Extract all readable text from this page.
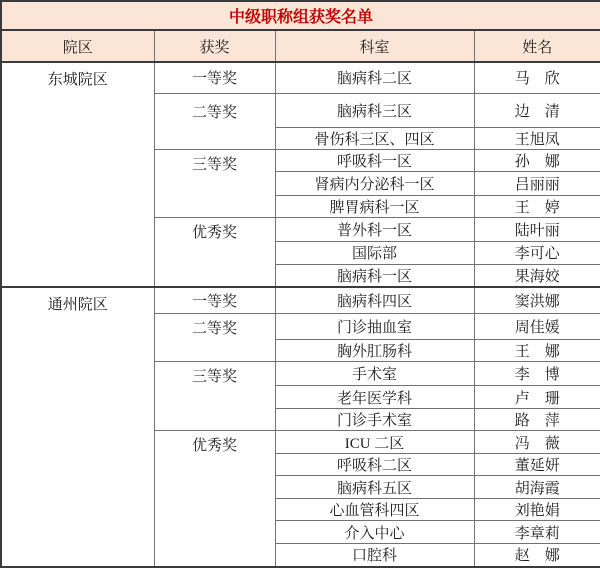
中级职称组获奖名单			
院区	获奖	科室	姓名
东城院区	一等奖	脑病科二区	马　欣
	二等奖	脑病科三区	边　清
		骨伤科三区、四区	王旭凤
	三等奖	呼吸科一区	孙　娜
		肾病内分泌科一区	吕丽丽
		脾胃病科一区	王　婷
	优秀奖	普外科一区	陆叶丽
		国际部	李可心
		脑病科一区	果海姣
通州院区	一等奖	脑病科四区	窦洪娜
	二等奖	门诊抽血室	周佳媛
		胸外肛肠科	王　娜
	三等奖	手术室	李　博
		老年医学科	卢　珊
		门诊手术室	路　萍
	优秀奖	ICU 二区	冯　薇
		呼吸科二区	董延妍
		脑病科五区	胡海霞
		心血管科四区	刘艳娟
		介入中心	李章莉
		口腔科	赵　娜
